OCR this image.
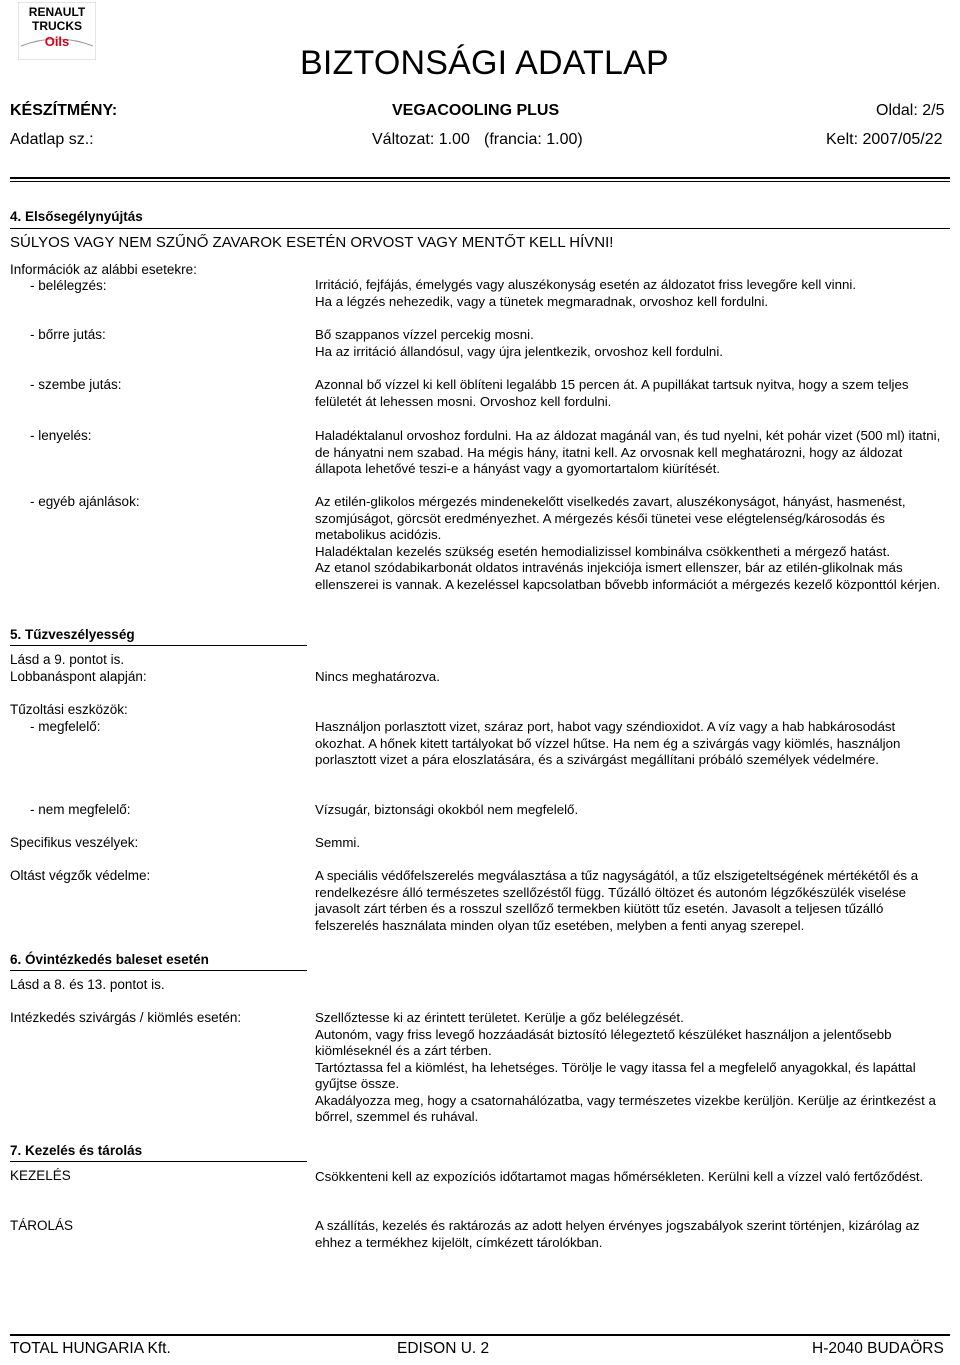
RENAULT
TRUCKS
Oils
BIZTONSÁGI ADATLAP
KÉSZÍTMÉNY:	VEGACOOLING PLUS	Oldal: 2/5
Adatlap sz.:	Változat: 1.00 (francia: 1.00)	Kelt: 2007/05/22
4. Elsősegélynyújtás
SÚLYOS VAGY NEM SZŰNŐ ZAVAROK ESETÉN ORVOST VAGY MENTŐT KELL HÍVNI!
Információk az alábbi esetekre:
- belélegzés:	Irritáció, fejfájás, émelygés vagy aluszékonyság esetén az áldozatot friss levegőre kell vinni.

Ha a légzés nehezedik, vagy a tünetek megmaradnak, orvoshoz kell fordulni.

- bőrre jutás:	Bő szappanos vízzel percekig mosni.

Ha az irritáció állandósul, vagy újra jelentkezik, orvoshoz kell fordulni.

- szembe jutás:	Azonnal bő vízzel ki kell öblíteni legalább 15 percen át. A pupillákat tartsuk nyitva, hogy a szem teljes felületét át lehessen mosni. Orvoshoz kell fordulni.

- lenyelés:	Haladéktalanul orvoshoz fordulni. Ha az áldozat magánál van, és tud nyelni, két pohár vizet (500 ml) itatni, de hányatni nem szabad. Ha mégis hány, itatni kell. Az orvosnak kell meghatározni, hogy az áldozat állapota lehetővé teszi-e a hányást vagy a gyomortartalom kiürítését.

- egyéb ajánlások:	Az etilén-glikolos mérgezés mindenekelőtt viselkedés zavart, aluszékonyságot, hányást, hasmenést, szomjúságot, görcsöt eredményezhet. A mérgezés késői tünetei vese elégtelenség/károsodás és metabolikus acidózis.

Haladéktalan kezelés szükség esetén hemodializissel kombinálva csökkentheti a mérgező hatást.

Az etanol szódabikarbonát oldatos intravénás injekciója ismert ellenszer, bár az etilén-glikolnak más ellenszerei is vannak. A kezeléssel kapcsolatban bővebb információt a mérgezés kezelő központtól kérjen.

5. Tűzveszélyesség
Lásd a 9. pontot is.
Lobbanáspont alapján:	Nincs meghatározva.

Tűzoltási eszközök:
- megfelelő:	Használjon porlasztott vizet, száraz port, habot vagy széndioxidot. A víz vagy a hab habkárosodást okozhat. A hőnek kitett tartályokat bő vízzel hűtse. Ha nem ég a szivárgás vagy kiömlés, használjon porlasztott vizet a pára eloszlatására, és a szivárgást megállítani próbáló személyek védelmére.

- nem megfelelő:	Vízsugár, biztonsági okokból nem megfelelő.

Specifikus veszélyek:	Semmi.

Oltást végzők védelme:	A speciális védőfelszerelés megválasztása a tűz nagyságától, a tűz elszigeteltségének mértékétől és a rendelkezésre álló természetes szellőzéstől függ. Tűzálló öltözet és autonóm légzőkészülék viselése javasolt zárt térben és a rosszul szellőző termekben kiütött tűz esetén. Javasolt a teljesen tűzálló felszerelés használata minden olyan tűz esetében, melyben a fenti anyag szerepel.

6. Óvintézkedés baleset esetén
Lásd a 8. és 13. pontot is.
Intézkedés szivárgás / kiömlés esetén:	Szellőztesse ki az érintett területet. Kerülje a gőz belélegzését.

Autonóm, vagy friss levegő hozzáadását biztosító lélegeztető készüléket használjon a jelentősebb kiömléseknél és a zárt térben.

Tartóztassa fel a kiömlést, ha lehetséges. Törölje le vagy itassa fel a megfelelő anyagokkal, és lapáttal gyűjtse össze.

Akadályozza meg, hogy a csatornahálózatba, vagy természetes vizekbe kerüljön. Kerülje az érintkezést a bőrrel, szemmel és ruhával.

7. Kezelés és tárolás
KEZELÉS	Csökkenteni kell az expozíciós időtartamot magas hőmérsékleten. Kerülni kell a vízzel való fertőződést.

TÁROLÁS	A szállítás, kezelés és raktározás az adott helyen érvényes jogszabályok szerint történjen, kizárólag az ehhez a termékhez kijelölt, címkézett tárolókban.

TOTAL HUNGARIA Kft.	EDISON U. 2	H-2040 BUDAÖRS
